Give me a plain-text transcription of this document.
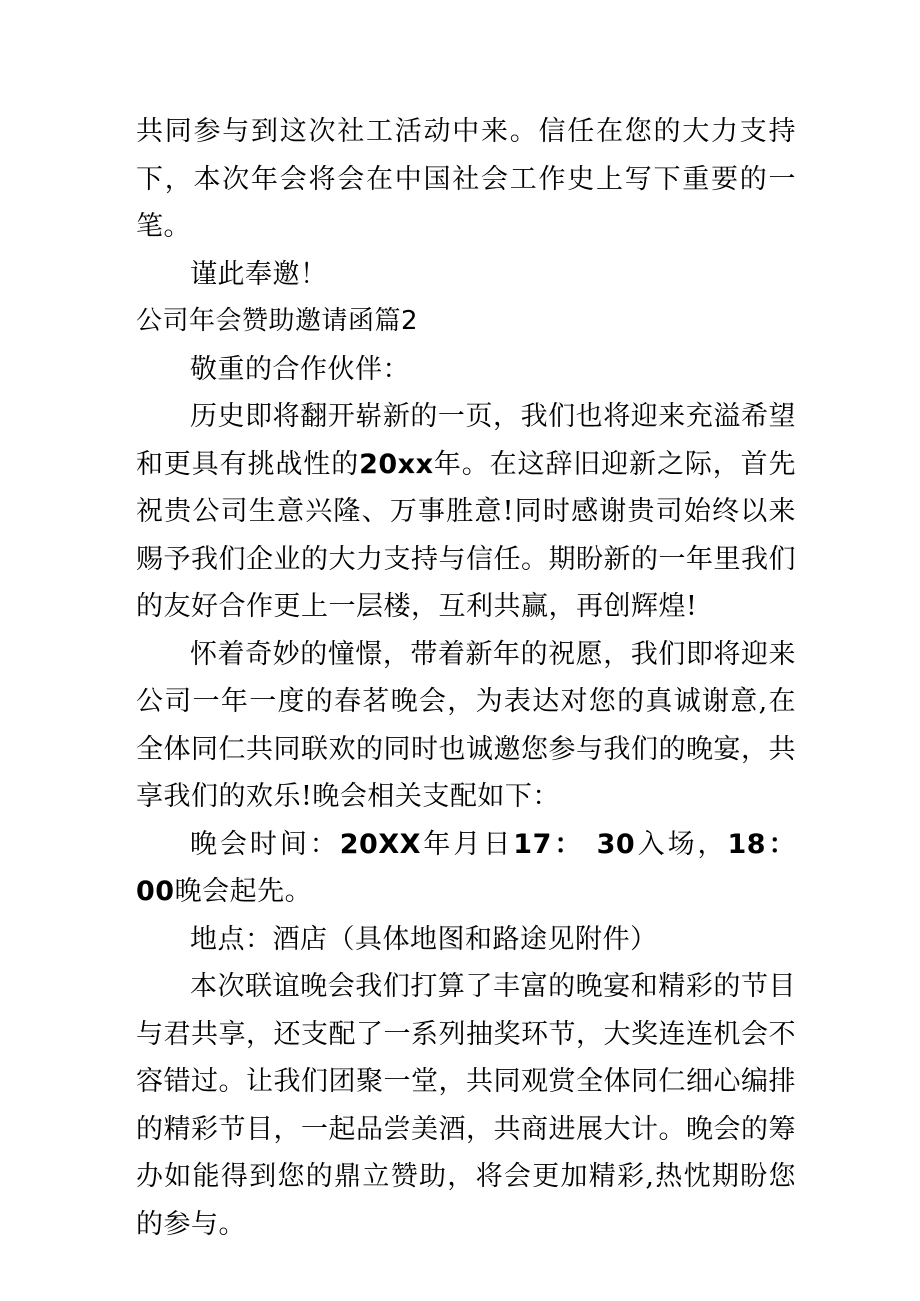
共同参与到这次社工活动中来。信任在您的大力支持下，本次年会将会在中国社会工作史上写下重要的一笔。

谨此奉邀！

公司年会赞助邀请函篇2

敬重的合作伙伴：

历史即将翻开崭新的一页，我们也将迎来充溢希望和更具有挑战性的20xx年。在这辞旧迎新之际，首先祝贵公司生意兴隆、万事胜意!同时感谢贵司始终以来赐予我们企业的大力支持与信任。期盼新的一年里我们的友好合作更上一层楼，互利共赢，再创辉煌!

怀着奇妙的憧憬，带着新年的祝愿，我们即将迎来公司一年一度的春茗晚会，为表达对您的真诚谢意,在全体同仁共同联欢的同时也诚邀您参与我们的晚宴，共享我们的欢乐!晚会相关支配如下：

晚会时间：20XX年月日17： 30入场，18： 00晚会起先。

地点：酒店（具体地图和路途见附件）

本次联谊晚会我们打算了丰富的晚宴和精彩的节目与君共享，还支配了一系列抽奖环节，大奖连连机会不容错过。让我们团聚一堂，共同观赏全体同仁细心编排的精彩节目，一起品尝美酒，共商进展大计。晚会的筹办如能得到您的鼎立赞助，将会更加精彩,热忱期盼您的参与。
